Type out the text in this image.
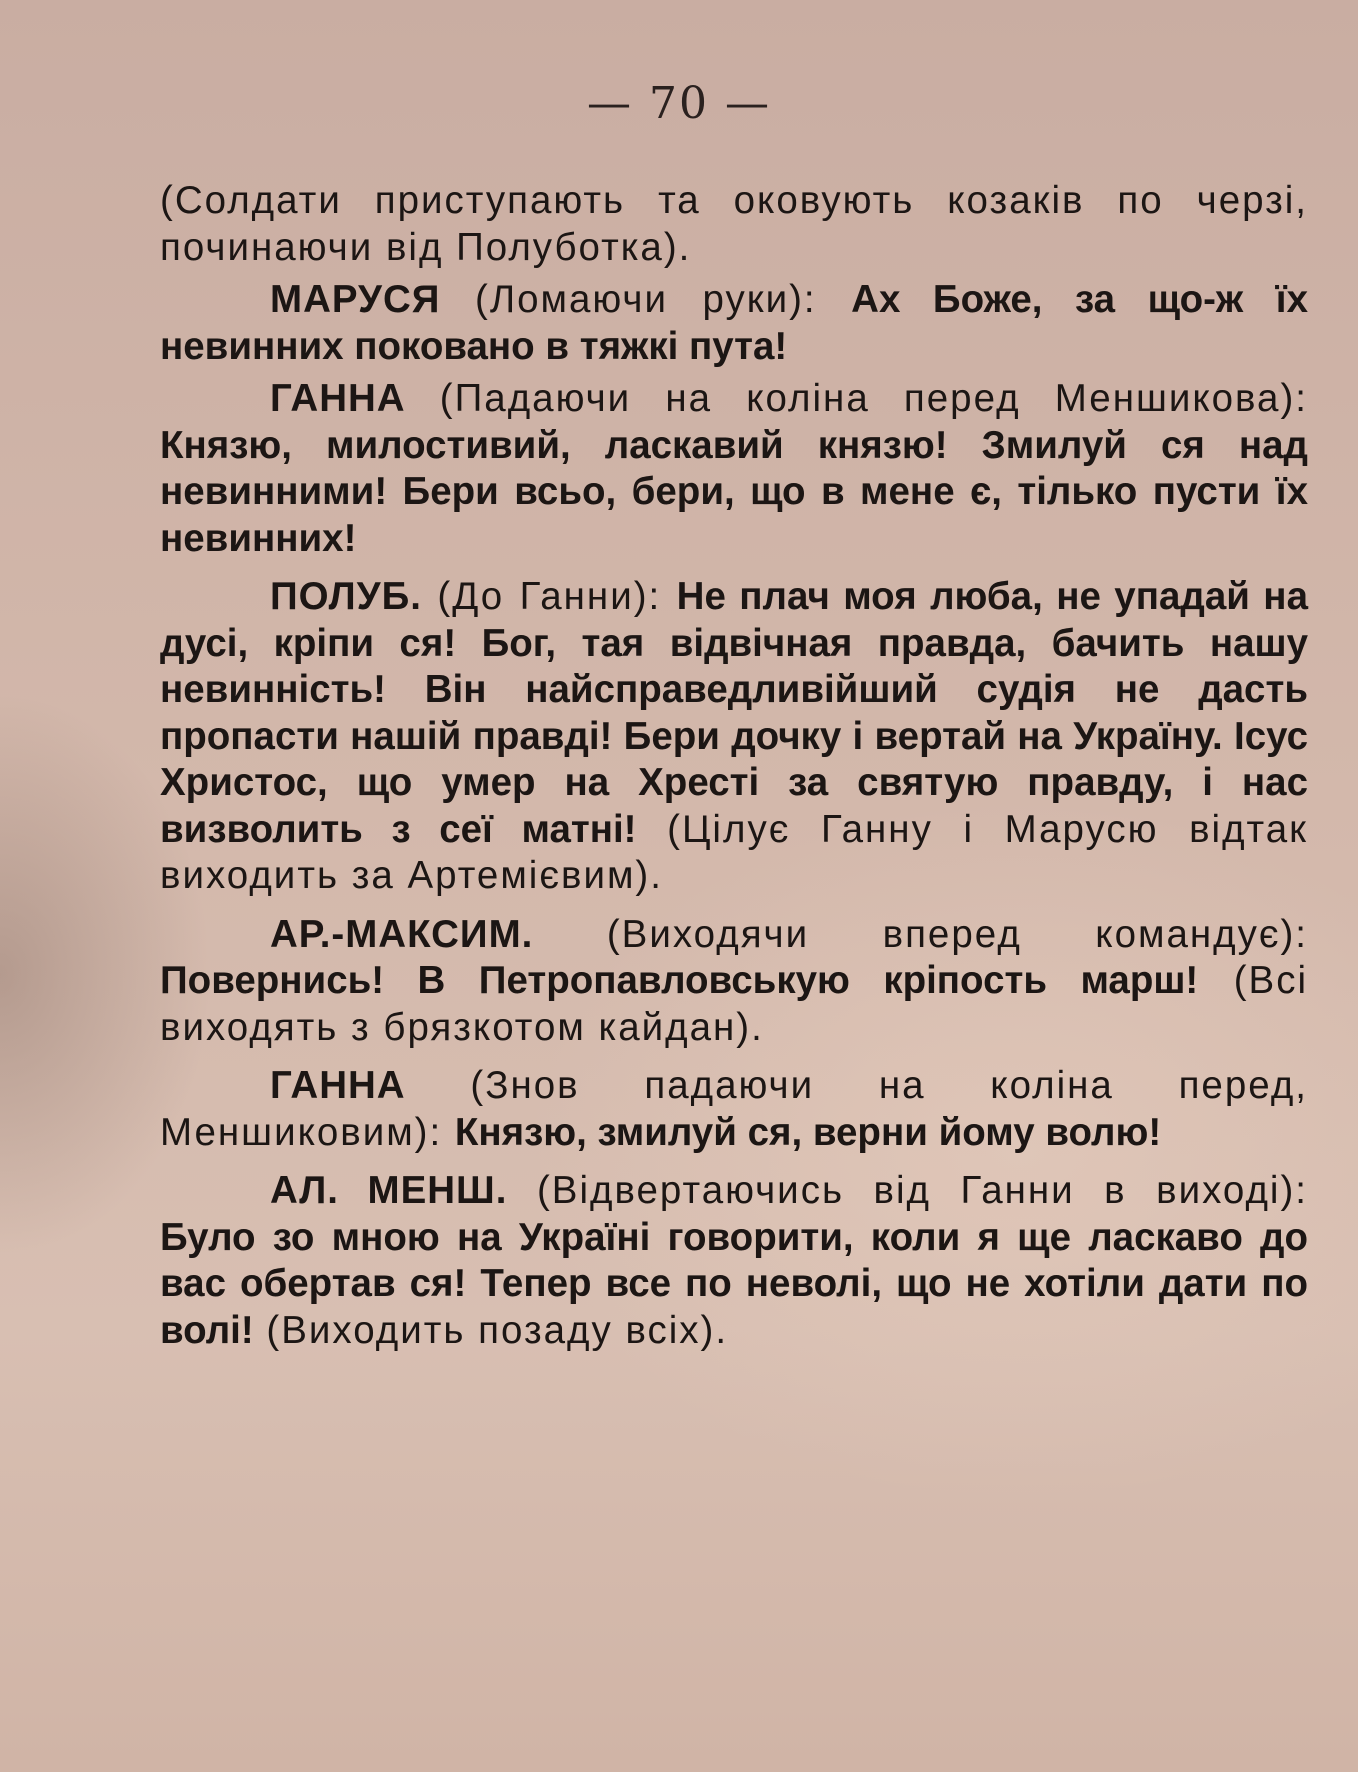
— 70 —

(Солдати приступають та оковують козаків по черзі, починаючи від Полуботка).

МАРУСЯ (Ломаючи руки): Ах Боже, за що-ж їх невинних поковано в тяжкі пута!

ГАННА (Падаючи на коліна перед Меншикова): Князю, милостивий, ласкавий князю! Змилуй ся над невинними! Бери всьо, бери, що в мене є, тілько пусти їх невинних!

ПОЛУБ. (До Ганни): Не плач моя люба, не упадай на дусі, кріпи ся! Бог, тая відвічная правда, бачить нашу невинність! Він найсправедливійший судія не дасть пропасти нашій правді! Бери дочку і вертай на Україну. Ісус Христос, що умер на Хресті за святую правду, і нас визволить з сеї матні! (Цілує Ганну і Марусю відтак виходить за Артемієвим).

АР.-МАКСИМ. (Виходячи вперед командує): Повернись! В Петропавловськую кріпость марш! (Всі виходять з брязкотом кайдан).

ГАННА (Знов падаючи на коліна перед, Меншиковим): Князю, змилуй ся, верни йому волю!

АЛ. МЕНШ. (Відвертаючись від Ганни в виході): Було зо мною на Україні говорити, коли я ще ласкаво до вас обертав ся! Тепер все по неволі, що не хотіли дати по волі! (Виходить позаду всіх).
